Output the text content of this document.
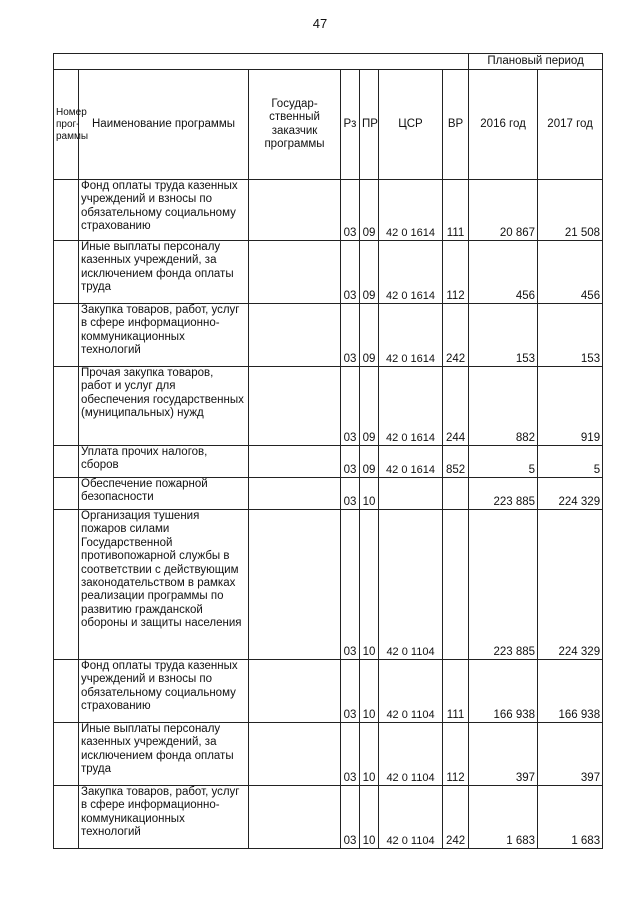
47
							Плановый период	
Номер прог-раммы	Наименование программы	Государ-ственный заказчик программы	Рз	ПР	ЦСР	ВР	2016 год	2017 год
	Фонд оплаты труда казенных учреждений и взносы по обязательному социальному страхованию		03	09	42 0 1614	111	20 867	21 508
	Иные выплаты персоналу казенных учреждений, за исключением фонда оплаты труда		03	09	42 0 1614	112	456	456
	Закупка товаров, работ, услуг в сфере информационно-коммуникационных технологий		03	09	42 0 1614	242	153	153
	Прочая закупка товаров, работ и услуг для обеспечения государственных (муниципальных) нужд		03	09	42 0 1614	244	882	919
	Уплата прочих налогов, сборов		03	09	42 0 1614	852	5	5
	Обеспечение пожарной безопасности		03	10			223 885	224 329
	Организация тушения пожаров силами Государственной противопожарной службы в соответствии с действующим законодательством в рамках реализации программы по развитию гражданской обороны и защиты населения		03	10	42 0 1104		223 885	224 329
	Фонд оплаты труда казенных учреждений и взносы по обязательному социальному страхованию		03	10	42 0 1104	111	166 938	166 938
	Иные выплаты персоналу казенных учреждений, за исключением фонда оплаты труда		03	10	42 0 1104	112	397	397
	Закупка товаров, работ, услуг в сфере информационно-коммуникационных технологий		03	10	42 0 1104	242	1 683	1 683
